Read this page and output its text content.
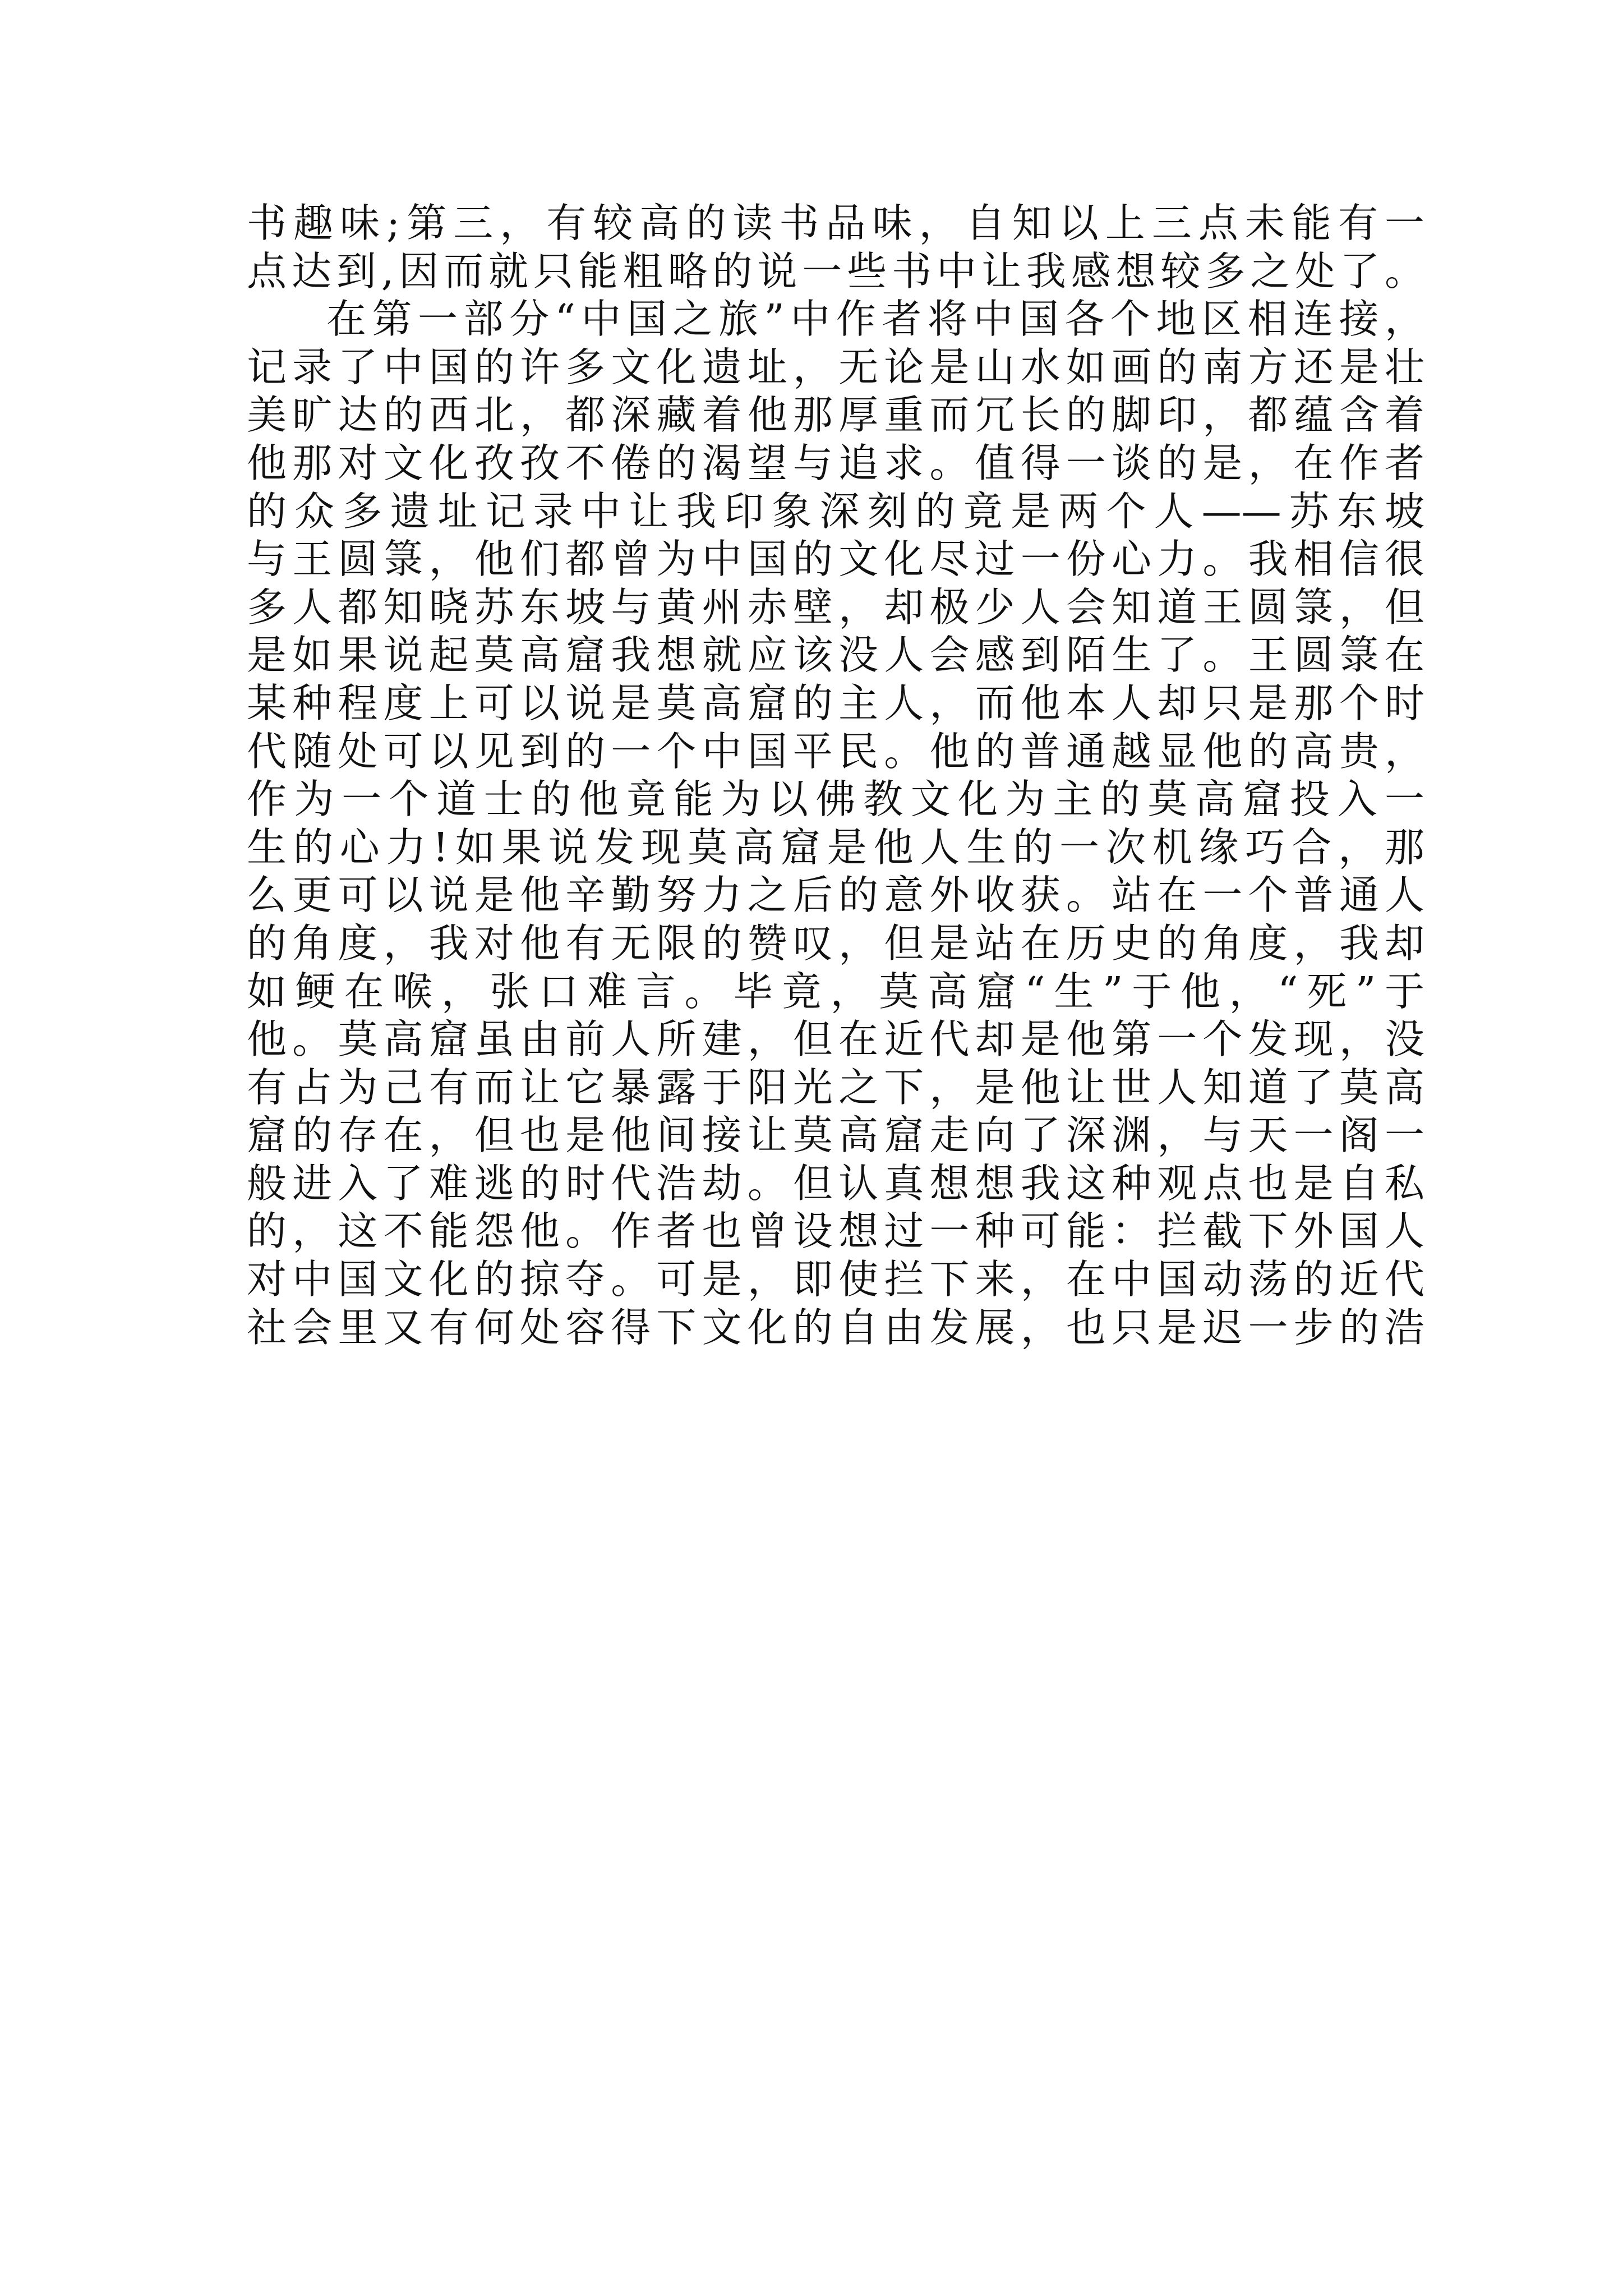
书趣味;第三，有较高的读书品味，自知以上三点未能有一
点达到,因而就只能粗略的说一些书中让我感想较多之处了。
在第一部分“中国之旅”中作者将中国各个地区相连接，
记录了中国的许多文化遗址，无论是山水如画的南方还是壮
美旷达的西北，都深藏着他那厚重而冗长的脚印，都蕴含着
他那对文化孜孜不倦的渴望与追求。值得一谈的是，在作者
的众多遗址记录中让我印象深刻的竟是两个人——苏东坡
与王圆箓，他们都曾为中国的文化尽过一份心力。我相信很
多人都知晓苏东坡与黄州赤壁，却极少人会知道王圆箓，但
是如果说起莫高窟我想就应该没人会感到陌生了。王圆箓在
某种程度上可以说是莫高窟的主人，而他本人却只是那个时
代随处可以见到的一个中国平民。他的普通越显他的高贵，
作为一个道士的他竟能为以佛教文化为主的莫高窟投入一
生的心力!如果说发现莫高窟是他人生的一次机缘巧合，那
么更可以说是他辛勤努力之后的意外收获。站在一个普通人
的角度，我对他有无限的赞叹，但是站在历史的角度，我却
如鲠在喉，张口难言。毕竟，莫高窟“生”于他，“死”于
他。莫高窟虽由前人所建，但在近代却是他第一个发现，没
有占为己有而让它暴露于阳光之下，是他让世人知道了莫高
窟的存在，但也是他间接让莫高窟走向了深渊，与天一阁一
般进入了难逃的时代浩劫。但认真想想我这种观点也是自私
的，这不能怨他。作者也曾设想过一种可能：拦截下外国人
对中国文化的掠夺。可是，即使拦下来，在中国动荡的近代
社会里又有何处容得下文化的自由发展，也只是迟一步的浩
